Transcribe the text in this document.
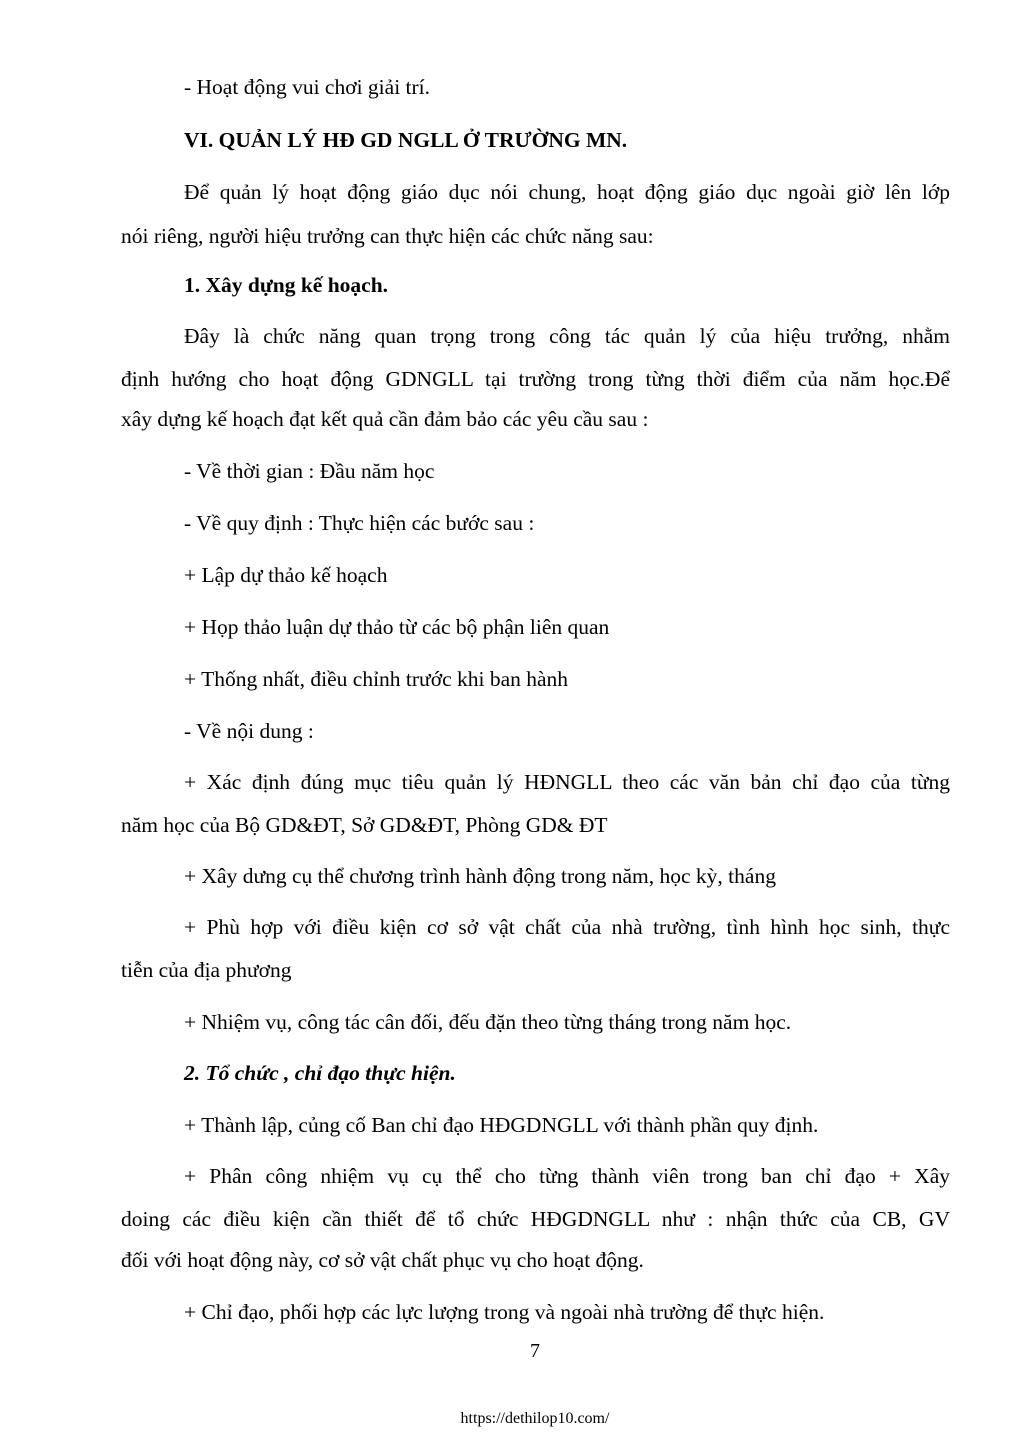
- Hoạt động vui chơi giải trí.
VI. QUẢN LÝ HĐ GD NGLL Ở TRƯỜNG MN.
Để quản lý hoạt động giáo dục nói chung, hoạt động giáo dục ngoài giờ lên lớp
nói riêng, người hiệu trưởng can thực hiện các chức năng sau:
1. Xây dựng kế hoạch.
Đây là chức năng quan trọng trong công tác quản lý của hiệu trưởng, nhằm
định hướng cho hoạt động GDNGLL tại trường trong từng thời điểm của năm học.Để
xây dựng kế hoạch đạt kết quả cần đảm bảo các yêu cầu sau :
- Về thời gian : Đầu năm học
- Về quy định : Thực hiện các bước sau :
+ Lập dự thảo kế hoạch
+ Họp thảo luận dự thảo từ các bộ phận liên quan
+ Thống nhất, điều chỉnh trước khi ban hành
- Về nội dung :
+ Xác định đúng mục tiêu quản lý HĐNGLL theo các văn bản chỉ đạo của từng
năm học của Bộ GD&ĐT, Sở GD&ĐT, Phòng GD& ĐT
+ Xây dưng cụ thể chương trình hành động trong năm, học kỳ, tháng
+ Phù hợp với điều kiện cơ sở vật chất của nhà trường, tình hình học sinh, thực
tiễn của địa phương
+ Nhiệm vụ, công tác cân đối, đếu đặn theo từng tháng trong năm học.
2. Tổ chức , chỉ đạo thực hiện.
+ Thành lập, củng cố Ban chỉ đạo HĐGDNGLL với thành phần quy định.
+ Phân công nhiệm vụ cụ thể cho từng thành viên trong ban chỉ đạo + Xây
doing các điều kiện cần thiết để tổ chức HĐGDNGLL như : nhận thức của CB, GV
đối với hoạt động này, cơ sở vật chất phục vụ cho hoạt động.
+ Chỉ đạo, phối hợp các lực lượng trong và ngoài nhà trường để thực hiện.
7
https://dethilop10.com/
